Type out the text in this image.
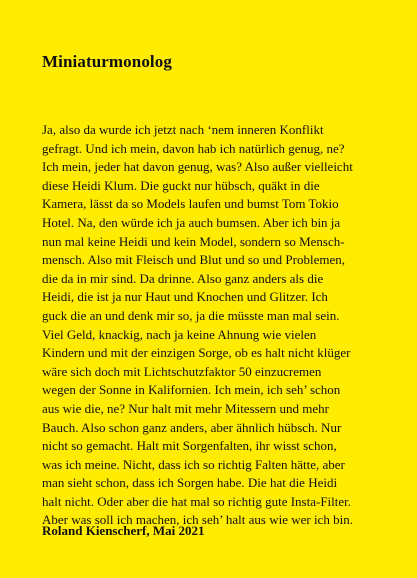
Miniaturmonolog
Ja, also da wurde ich jetzt nach ‘nem inneren Konflikt
gefragt. Und ich mein, davon hab ich natürlich genug, ne?
Ich mein, jeder hat davon genug, was? Also außer vielleicht
diese Heidi Klum. Die guckt nur hübsch, quäkt in die
Kamera, lässt da so Models laufen und bumst Tom Tokio
Hotel. Na, den würde ich ja auch bumsen. Aber ich bin ja
nun mal keine Heidi und kein Model, sondern so Mensch-
mensch. Also mit Fleisch und Blut und so und Problemen,
die da in mir sind. Da drinne. Also ganz anders als die
Heidi, die ist ja nur Haut und Knochen und Glitzer. Ich
guck die an und denk mir so, ja die müsste man mal sein.
Viel Geld, knackig, nach ja keine Ahnung wie vielen
Kindern und mit der einzigen Sorge, ob es halt nicht klüger
wäre sich doch mit Lichtschutzfaktor 50 einzucremen
wegen der Sonne in Kalifornien. Ich mein, ich seh’ schon
aus wie die, ne? Nur halt mit mehr Mitessern und mehr
Bauch. Also schon ganz anders, aber ähnlich hübsch. Nur
nicht so gemacht. Halt mit Sorgenfalten, ihr wisst schon,
was ich meine. Nicht, dass ich so richtig Falten hätte, aber
man sieht schon, dass ich Sorgen habe. Die hat die Heidi
halt nicht. Oder aber die hat mal so richtig gute Insta-Filter.
Aber was soll ich machen, ich seh’ halt aus wie wer ich bin.

Roland Kienscherf, Mai 2021
